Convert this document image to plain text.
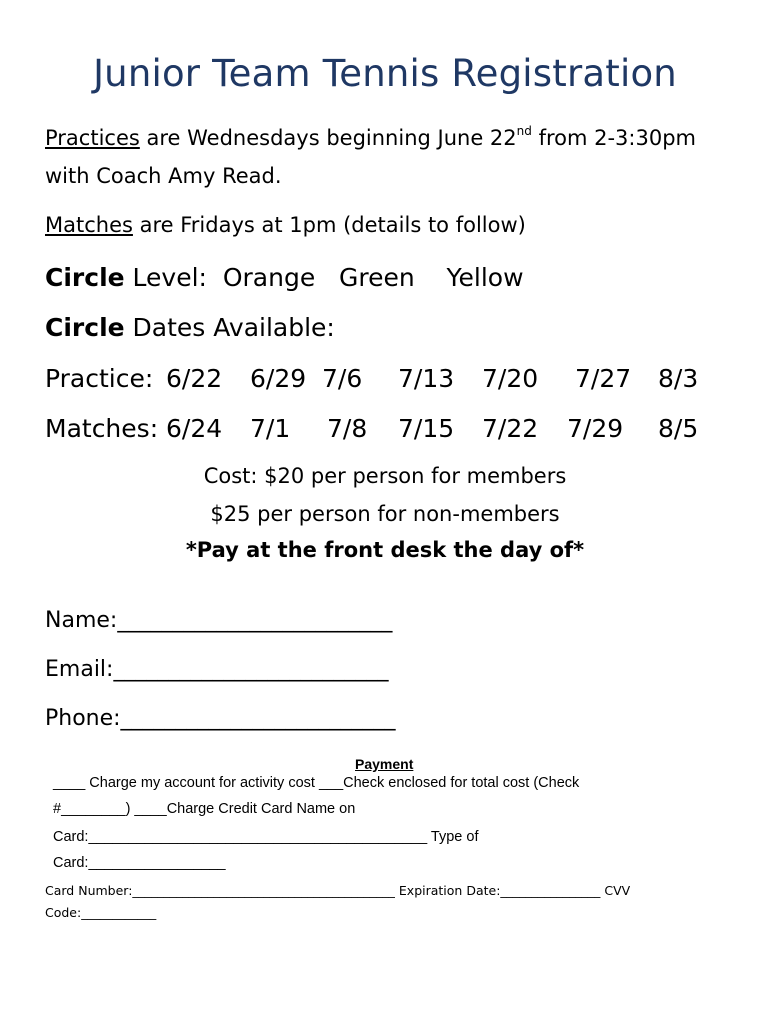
Junior Team Tennis Registration
Practices are Wednesdays beginning June 22nd from 2-3:30pm
with Coach Amy Read.
Matches are Fridays at 1pm (details to follow)
Circle Level:  Orange   Green    Yellow
Circle Dates Available:
Practice: 6/22 6/29 7/6 7/13 7/20 7/27 8/3
Matches: 6/24 7/1 7/8 7/15 7/22 7/29 8/5
Cost: $20 per person for members
$25 per person for non-members
*Pay at the front desk the day of*
Name:_________________________
Email:_________________________
Phone:_________________________
Payment
____ Charge my account for activity cost ___Check enclosed for total cost (Check
#________) ____Charge Credit Card Name on
Card:__________________________________________ Type of
Card:_________________
Card Number:__________________________________________ Expiration Date:________________ CVV
Code:____________
